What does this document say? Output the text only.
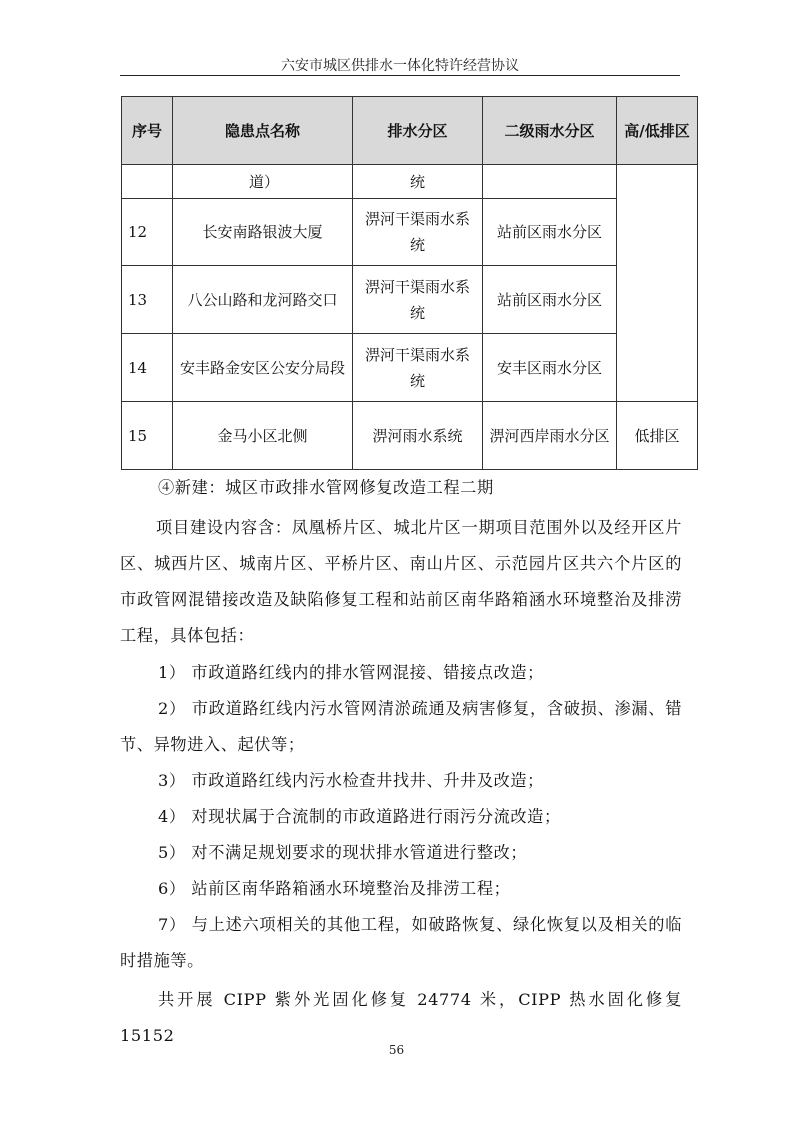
六安市城区供排水一体化特许经营协议
序号	隐患点名称	排水分区	二级雨水分区	高/低排区
	道）	统		
12	长安南路银波大厦	淠河干渠雨水系统	站前区雨水分区	
13	八公山路和龙河路交口	淠河干渠雨水系统	站前区雨水分区	
14	安丰路金安区公安分局段	淠河干渠雨水系统	安丰区雨水分区	
15	金马小区北侧	淠河雨水系统	淠河西岸雨水分区	低排区

④新建：城区市政排水管网修复改造工程二期

项目建设内容含：凤凰桥片区、城北片区一期项目范围外以及经开区片区、城西片区、城南片区、平桥片区、南山片区、示范园片区共六个片区的市政管网混错接改造及缺陷修复工程和站前区南华路箱涵水环境整治及排涝工程，具体包括：

1） 市政道路红线内的排水管网混接、错接点改造；

2） 市政道路红线内污水管网清淤疏通及病害修复，含破损、渗漏、错节、异物进入、起伏等；

3） 市政道路红线内污水检查井找井、升井及改造；

4） 对现状属于合流制的市政道路进行雨污分流改造；

5） 对不满足规划要求的现状排水管道进行整改；

6） 站前区南华路箱涵水环境整治及排涝工程；

7） 与上述六项相关的其他工程，如破路恢复、绿化恢复以及相关的临时措施等。

共开展 CIPP 紫外光固化修复 24774 米，CIPP 热水固化修复 15152

56
